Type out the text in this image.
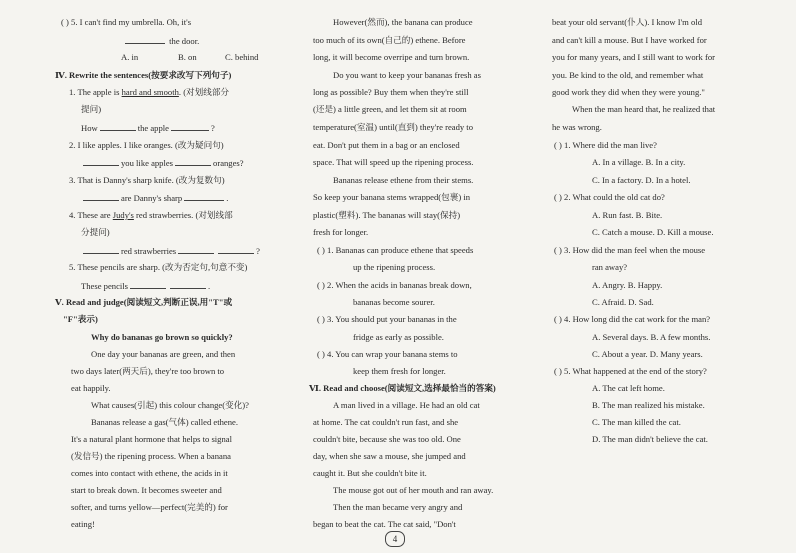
( ) 5. I can't find my umbrella. Oh, it's
the door.
A. in	B. on	C. behind
Ⅳ. Rewrite the sentences(按要求改写下列句子)
1. The apple is hard and smooth. (对划线部分
提问)
How	the apple	?
2. I like apples. I like oranges. (改为疑问句)
you like apples	oranges?
3. That is Danny's sharp knife. (改为复数句)
are Danny's sharp	.
4. These are Judy's red strawberries. (对划线部
分提问)
red strawberries	?
5. These pencils are sharp. (改为否定句,句意不变)
These pencils	.
Ⅴ. Read and judge(阅读短文,判断正误,用"T"或
"F"表示)
Why do bananas go brown so quickly?
One day your bananas are green, and then
two days later(两天后), they're too brown to
eat happily.
What causes(引起) this colour change(变化)?
Bananas release a gas(气体) called ethene.
It's a natural plant hormone that helps to signal
(发信号) the ripening process. When a banana
comes into contact with ethene, the acids in it
start to break down. It becomes sweeter and
softer, and turns yellow—perfect(完美的) for
eating!
However(然而), the banana can produce
too much of its own(自己的) ethene. Before
long, it will become overripe and turn brown.
Do you want to keep your bananas fresh as
long as possible? Buy them when they're still
(还是) a little green, and let them sit at room
temperature(室温) until(直到) they're ready to
eat. Don't put them in a bag or an enclosed
space. That will speed up the ripening process.
Bananas release ethene from their stems.
So keep your banana stems wrapped(包裹) in
plastic(塑料). The bananas will stay(保持)
fresh for longer.
( ) 1. Bananas can produce ethene that speeds
up the ripening process.
( ) 2. When the acids in bananas break down,
bananas become sourer.
( ) 3. You should put your bananas in the
fridge as early as possible.
( ) 4. You can wrap your banana stems to
keep them fresh for longer.
Ⅵ. Read and choose(阅读短文,选择最恰当的答案)
A man lived in a village. He had an old cat
at home. The cat couldn't run fast, and she
couldn't bite, because she was too old. One
day, when she saw a mouse, she jumped and
caught it. But she couldn't bite it.
The mouse got out of her mouth and ran away.
Then the man became very angry and
began to beat the cat. The cat said, "Don't
beat your old servant(仆人). I know I'm old
and can't kill a mouse. But I have worked for
you for many years, and I still want to work for
you. Be kind to the old, and remember what
good work they did when they were young."
When the man heard that, he realized that
he was wrong.
( ) 1. Where did the man live?
A. In a village. B. In a city.
C. In a factory. D. In a hotel.
( ) 2. What could the old cat do?
A. Run fast. B. Bite.
C. Catch a mouse. D. Kill a mouse.
( ) 3. How did the man feel when the mouse
ran away?
A. Angry. B. Happy.
C. Afraid. D. Sad.
( ) 4. How long did the cat work for the man?
A. Several days. B. A few months.
C. About a year. D. Many years.
( ) 5. What happened at the end of the story?
A. The cat left home.
B. The man realized his mistake.
C. The man killed the cat.
D. The man didn't believe the cat.
4
